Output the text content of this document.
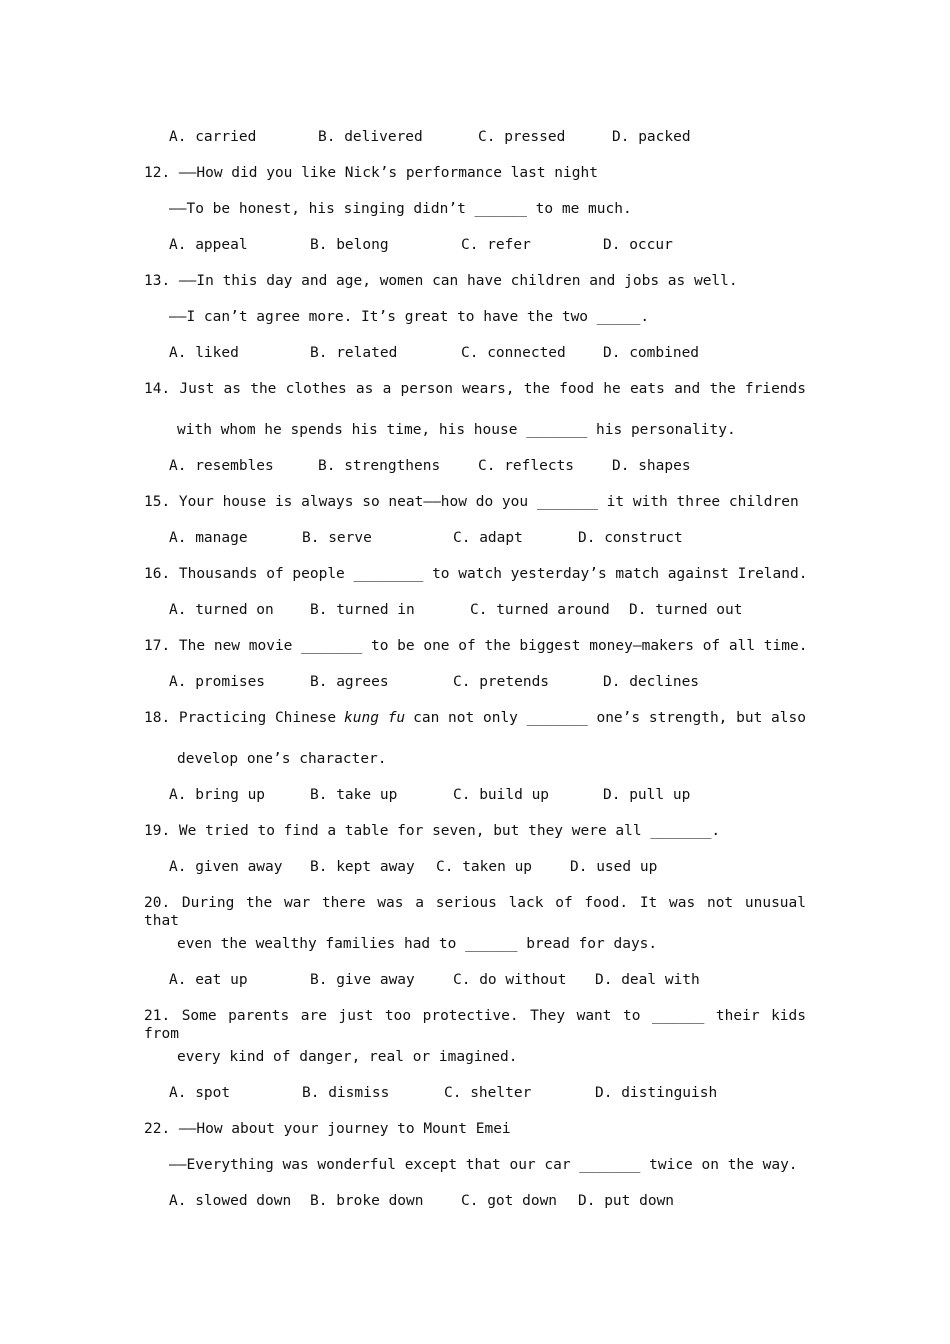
A. carried	B. delivered	C. pressed	D. packed
12. ——How did you like Nick’s performance last night
——To be honest, his singing didn’t ______ to me much.
A. appeal	B. belong	C. refer	D. occur
13. ——In this day and age, women can have children and jobs as well.
——I can’t agree more. It’s great to have the two _____.
A. liked	B. related	C. connected	D. combined
14. Just as the clothes as a person wears, the food he eats and the friends
with whom he spends his time, his house _______ his personality.
A. resembles	B. strengthens	C. reflects	D. shapes
15. Your house is always so neat——how do you _______ it with three children
A. manage	B. serve	C. adapt	D. construct
16. Thousands of people ________ to watch yesterday’s match against Ireland.
A. turned on B. turned in	C. turned around D. turned out
17. The new movie _______ to be one of the biggest money—makers of all time.
A. promises	B. agrees	C. pretends	D. declines
18. Practicing Chinese kung fu can not only _______ one’s strength, but also
develop one’s character.
A. bring up	B. take up	C. build up	D. pull up
19. We tried to find a table for seven, but they were all _______.
A. given away B. kept away C. taken up	D. used up
20. During the war there was a serious lack of food. It was not unusual that
even the wealthy families had to ______ bread for days.
A. eat up	B. give away	C. do without D. deal with
21. Some parents are just too protective. They want to ______ their kids from
every kind of danger, real or imagined.
A. spot	B. dismiss	C. shelter	D. distinguish
22. ——How about your journey to Mount Emei
——Everything was wonderful except that our car _______ twice on the way.
A. slowed down B. broke down	C. got down D. put down
